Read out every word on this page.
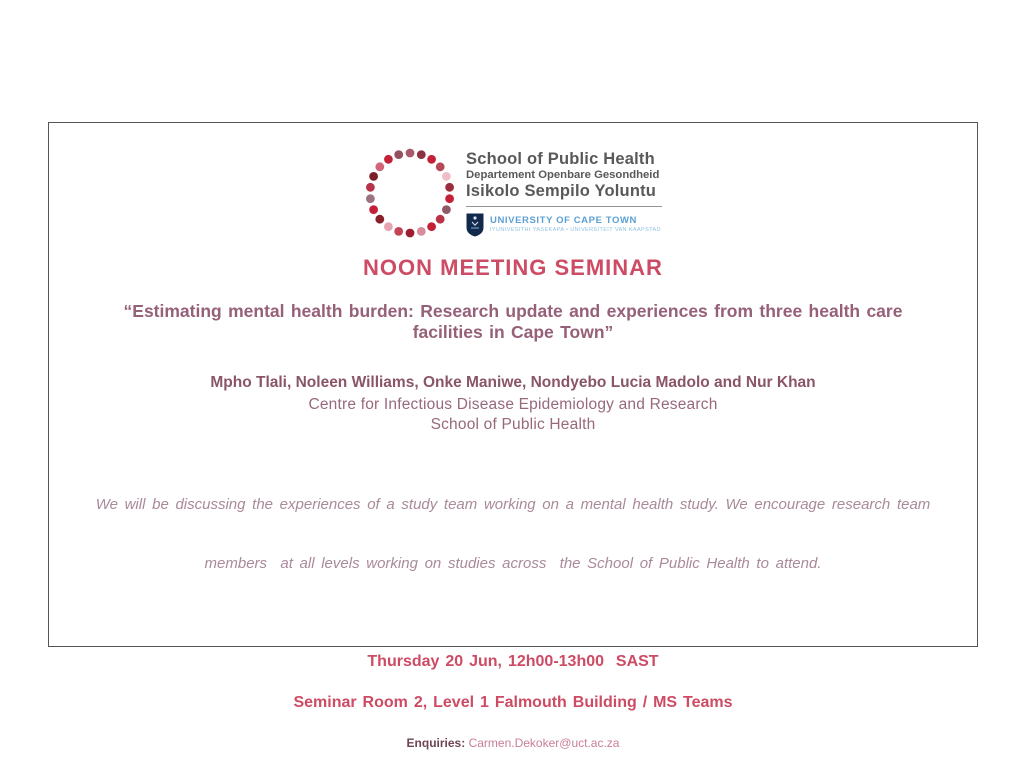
School of Public Health
Departement Openbare Gesondheid
Isikolo Sempilo Yoluntu
UNIVERSITY OF CAPE TOWN
IYUNIVESITHI YASEKAPA • UNIVERSITEIT VAN KAAPSTAD
NOON MEETING SEMINAR
“Estimating mental health burden: Research update and experiences from three health care
facilities in Cape Town”
Mpho Tlali, Noleen Williams, Onke Maniwe, Nondyebo Lucia Madolo and Nur Khan
Centre for Infectious Disease Epidemiology and Research
School of Public Health

We will be discussing the experiences of a study team working on a mental health study. We encourage research team

members  at all levels working on studies across  the School of Public Health to attend.

Thursday 20 Jun, 12h00-13h00  SAST
Seminar Room 2, Level 1 Falmouth Building / MS Teams
Enquiries: Carmen.Dekoker@uct.ac.za
